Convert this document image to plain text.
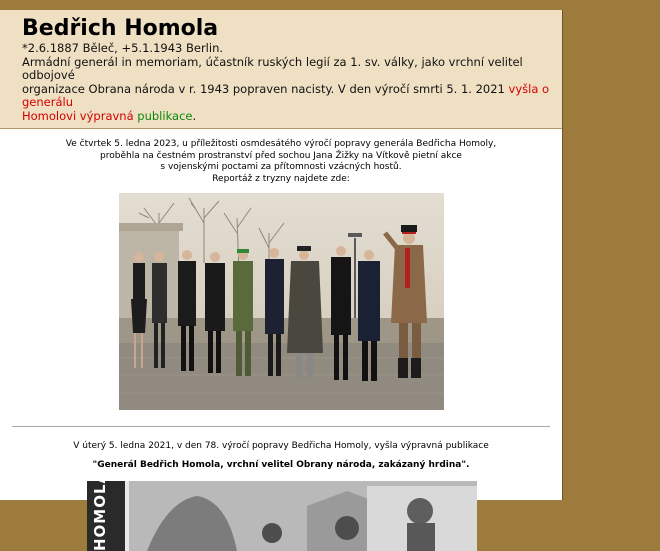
Bedřich Homola
*2.6.1887 Běleč, +5.1.1943 Berlin.
Armádní generál in memoriam, účastník ruských legií za 1. sv. války, jako vrchní velitel odbojové
organizace Obrana národa v r. 1943 popraven nacisty. V den výročí smrti 5. 1. 2021 vyšla o generálu
Homolovi výpravná publikace.
Ve čtvrtek 5. ledna 2023, u příležitosti osmdesátého výročí popravy generála Bedřicha Homoly,
proběhla na čestném prostranství před sochou Jana Žižky na Vítkově pietní akce
s vojenskými poctami za přítomnosti vzácných hostů.
Reportáž z tryzny najdete zde:
V úterý 5. ledna 2021, v den 78. výročí popravy Bedřicha Homoly, vyšla výpravná publikace
"Generál Bedřich Homola, vrchní velitel Obrany národa, zakázaný hrdina".
HOMOLA
